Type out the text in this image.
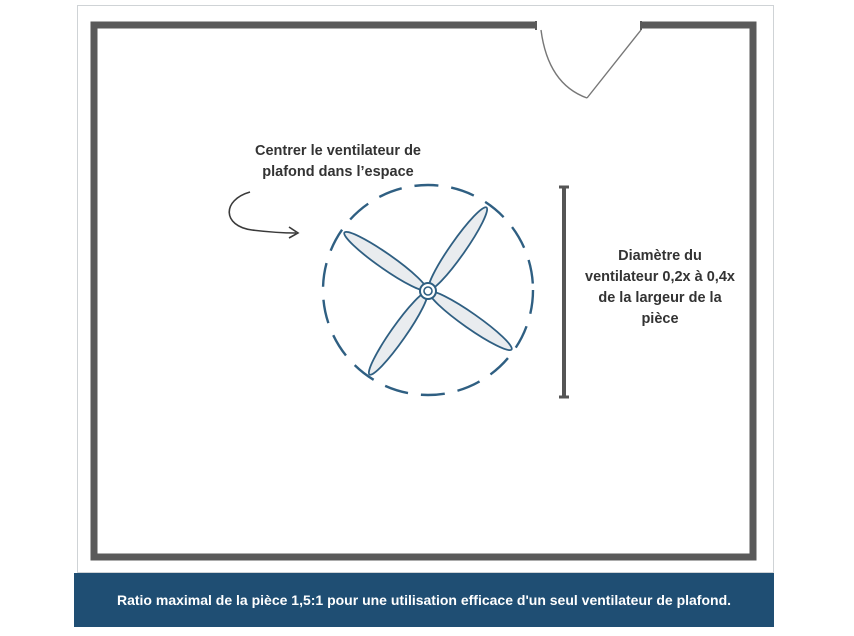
Centrer le ventilateur de plafond dans l’espace
Diamètre du ventilateur 0,2x à 0,4x de la largeur de la pièce
Ratio maximal de la pièce 1,5:1 pour une utilisation efficace d'un seul ventilateur de plafond.
